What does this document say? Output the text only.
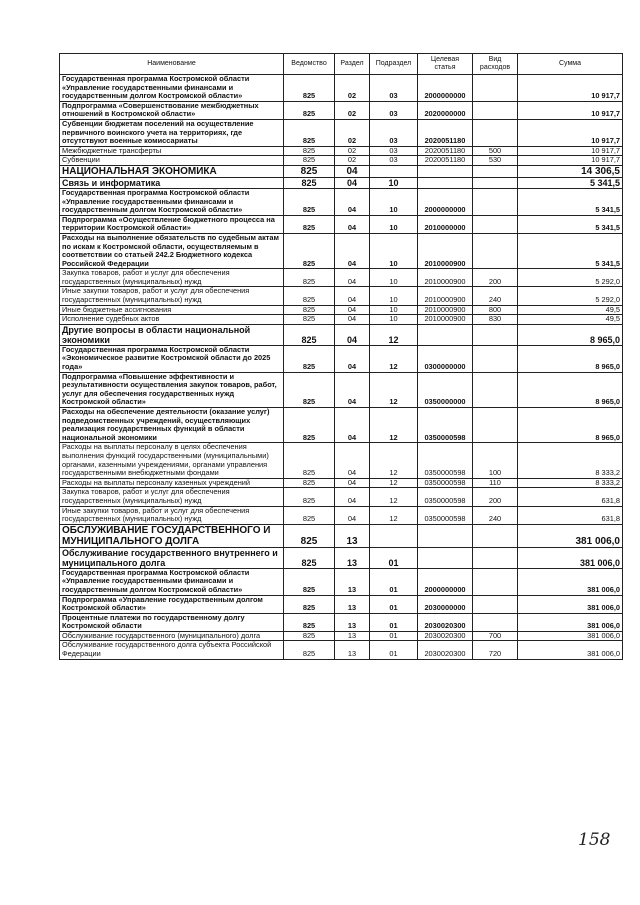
Наименование	Ведомство	Раздел	Подраздел	Целевая статья	Вид расходов	Сумма
Государственная программа Костромской области «Управление государственными финансами и государственным долгом Костромской области»	825	02	03	2000000000		10 917,7
Подпрограмма «Совершенствование межбюджетных отношений в Костромской области»	825	02	03	2020000000		10 917,7
Субвенции бюджетам поселений на осуществление первичного воинского учета на территориях, где отсутствуют военные комиссариаты	825	02	03	2020051180		10 917,7
Межбюджетные трансферты	825	02	03	2020051180	500	10 917,7
Субвенции	825	02	03	2020051180	530	10 917,7
НАЦИОНАЛЬНАЯ ЭКОНОМИКА	825	04				14 306,5
Связь и информатика	825	04	10			5 341,5
Государственная программа Костромской области «Управление государственными финансами и государственным долгом Костромской области»	825	04	10	2000000000		5 341,5
Подпрограмма «Осуществление бюджетного процесса на территории Костромской области»	825	04	10	2010000000		5 341,5
Расходы на выполнение обязательств по судебным актам по искам к Костромской области, осуществляемым в соответствии со статьей 242.2 Бюджетного кодекса Российской Федерации	825	04	10	2010000900		5 341,5
Закупка товаров, работ и услуг для обеспечения государственных (муниципальных) нужд	825	04	10	2010000900	200	5 292,0
Иные закупки товаров, работ и услуг для обеспечения государственных (муниципальных) нужд	825	04	10	2010000900	240	5 292,0
Иные бюджетные ассигнования	825	04	10	2010000900	800	49,5
Исполнение судебных актов	825	04	10	2010000900	830	49,5
Другие вопросы в области национальной экономики	825	04	12			8 965,0
Государственная программа Костромской области «Экономическое развитие Костромской области до 2025 года»	825	04	12	0300000000		8 965,0
Подпрограмма «Повышение эффективности и результативности осуществления закупок товаров, работ, услуг для обеспечения государственных нужд Костромской области»	825	04	12	0350000000		8 965,0
Расходы на обеспечение деятельности (оказание услуг) подведомственных учреждений, осуществляющих реализация государственных функций в области национальной экономики	825	04	12	0350000598		8 965,0
Расходы на выплаты персоналу в целях обеспечения выполнения функций государственными (муниципальными) органами, казенными учреждениями, органами управления государственными внебюджетными фондами	825	04	12	0350000598	100	8 333,2
Расходы на выплаты персоналу казенных учреждений	825	04	12	0350000598	110	8 333,2
Закупка товаров, работ и услуг для обеспечения государственных (муниципальных) нужд	825	04	12	0350000598	200	631,8
Иные закупки товаров, работ и услуг для обеспечения государственных (муниципальных) нужд	825	04	12	0350000598	240	631,8
ОБСЛУЖИВАНИЕ ГОСУДАРСТВЕННОГО И МУНИЦИПАЛЬНОГО ДОЛГА	825	13				381 006,0
Обслуживание государственного внутреннего и муниципального долга	825	13	01			381 006,0
Государственная программа Костромской области «Управление государственными финансами и государственным долгом Костромской области»	825	13	01	2000000000		381 006,0
Подпрограмма «Управление государственным долгом Костромской области»	825	13	01	2030000000		381 006,0
Процентные платежи по государственному долгу Костромской области	825	13	01	2030020300		381 006,0
Обслуживание государственного (муниципального) долга	825	13	01	2030020300	700	381 006,0
Обслуживание государственного долга субъекта Российской Федерации	825	13	01	2030020300	720	381 006,0
158
